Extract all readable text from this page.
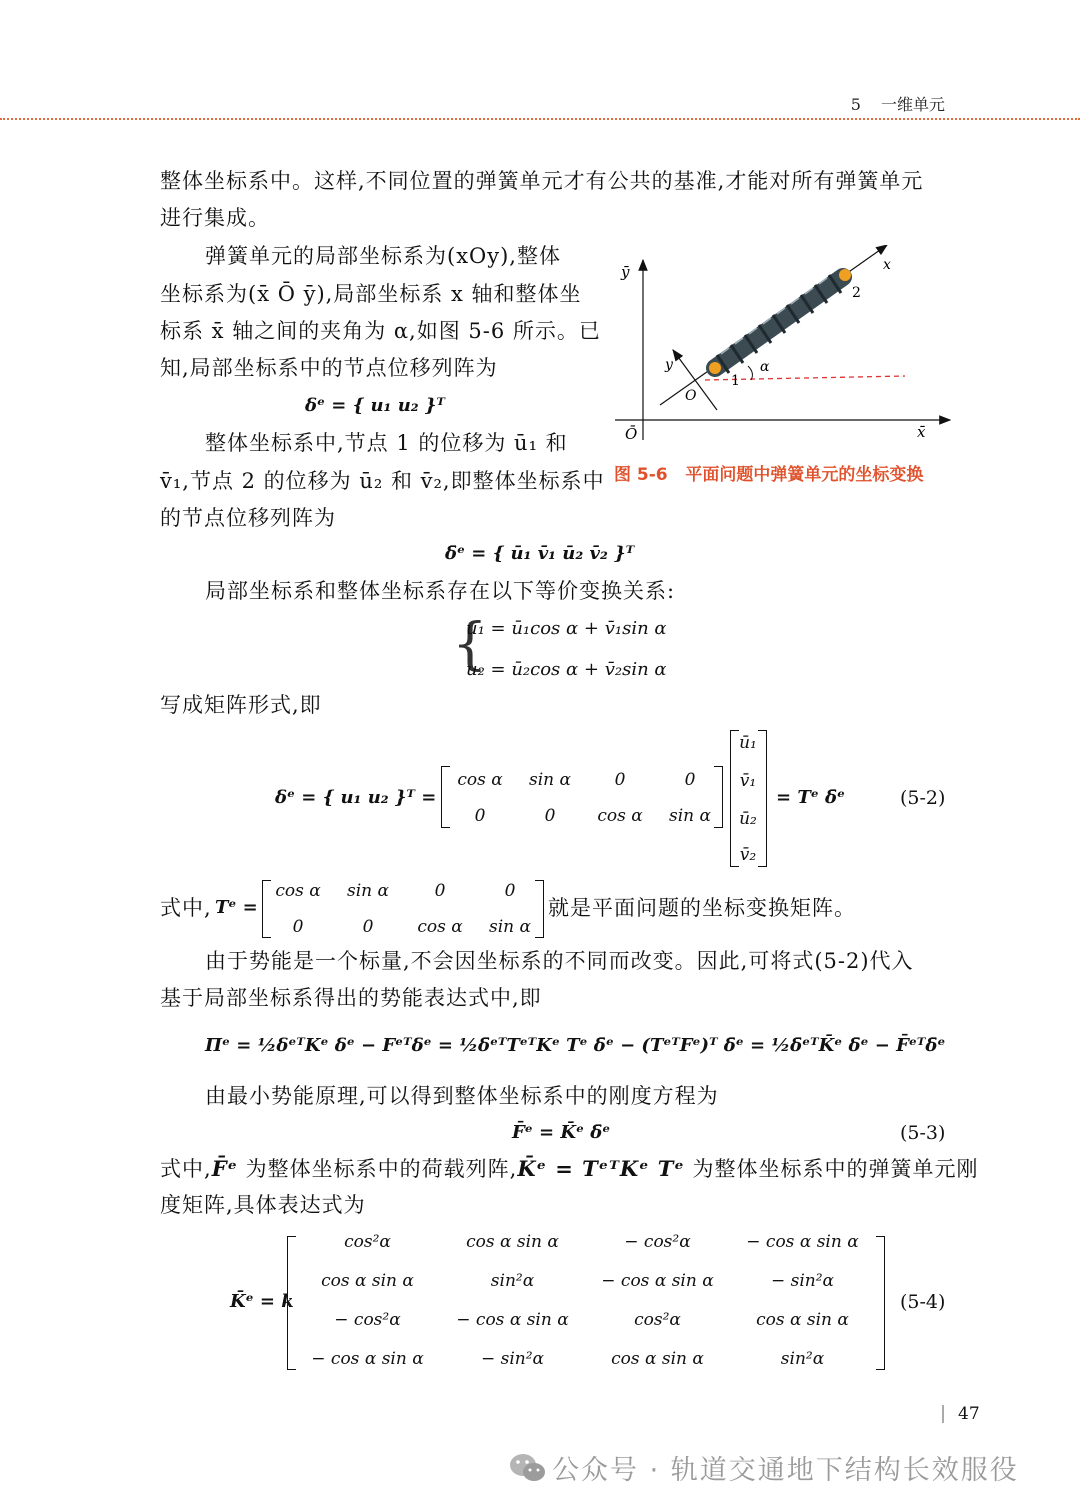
5 一维单元
整体坐标系中。这样,不同位置的弹簧单元才有公共的基准,才能对所有弹簧单元
进行集成。
弹簧单元的局部坐标系为(xOy),整体
坐标系为(x̄ Ō ȳ),局部坐标系 x 轴和整体坐
标系 x̄ 轴之间的夹角为 α,如图 5-6 所示。已
知,局部坐标系中的节点位移列阵为
δᵉ = { u₁ u₂ }ᵀ
整体坐标系中,节点 1 的位移为 ū₁ 和
v̄₁,节点 2 的位移为 ū₂ 和 v̄₂,即整体坐标系中
的节点位移列阵为
δ̄ᵉ = { ū₁ v̄₁ ū₂ v̄₂ }ᵀ
ȳ
x̄
Ō
x
y
O
α
1
2
图 5-6 平面问题中弹簧单元的坐标变换
局部坐标系和整体坐标系存在以下等价变换关系:
{
u₁ = ū₁cos α + v̄₁sin α
u₂ = ū₂cos α + v̄₂sin α
写成矩阵形式,即
δᵉ = { u₁ u₂ }ᵀ =
cos α	sin α	0	0
0	0	cos α	sin α
ū₁
v̄₁
ū₂
v̄₂
= Tᵉ δ̄ᵉ	(5-2)
式中, Tᵉ =
cos α	sin α	0	0
0	0	cos α	sin α
就是平面问题的坐标变换矩阵。
由于势能是一个标量,不会因坐标系的不同而改变。因此,可将式(5-2)代入
基于局部坐标系得出的势能表达式中,即
Πᵉ = ½δᵉᵀKᵉ δᵉ − Fᵉᵀδᵉ = ½δ̄ᵉᵀTᵉᵀKᵉ Tᵉ δ̄ᵉ − (TᵉᵀFᵉ)ᵀ δ̄ᵉ = ½δ̄ᵉᵀK̄ᵉ δ̄ᵉ − F̄ᵉᵀδ̄ᵉ
由最小势能原理,可以得到整体坐标系中的刚度方程为
F̄ᵉ = K̄ᵉ δ̄ᵉ	(5-3)
式中,F̄ᵉ 为整体坐标系中的荷载列阵,K̄ᵉ = TᵉᵀKᵉ Tᵉ 为整体坐标系中的弹簧单元刚
度矩阵,具体表达式为
K̄ᵉ = k
cos²α	cos α sin α	− cos²α	− cos α sin α
cos α sin α	sin²α	− cos α sin α	− sin²α
− cos²α	− cos α sin α	cos²α	cos α sin α
− cos α sin α	− sin²α	cos α sin α	sin²α
(5-4)
47
公众号 · 轨道交通地下结构长效服役
